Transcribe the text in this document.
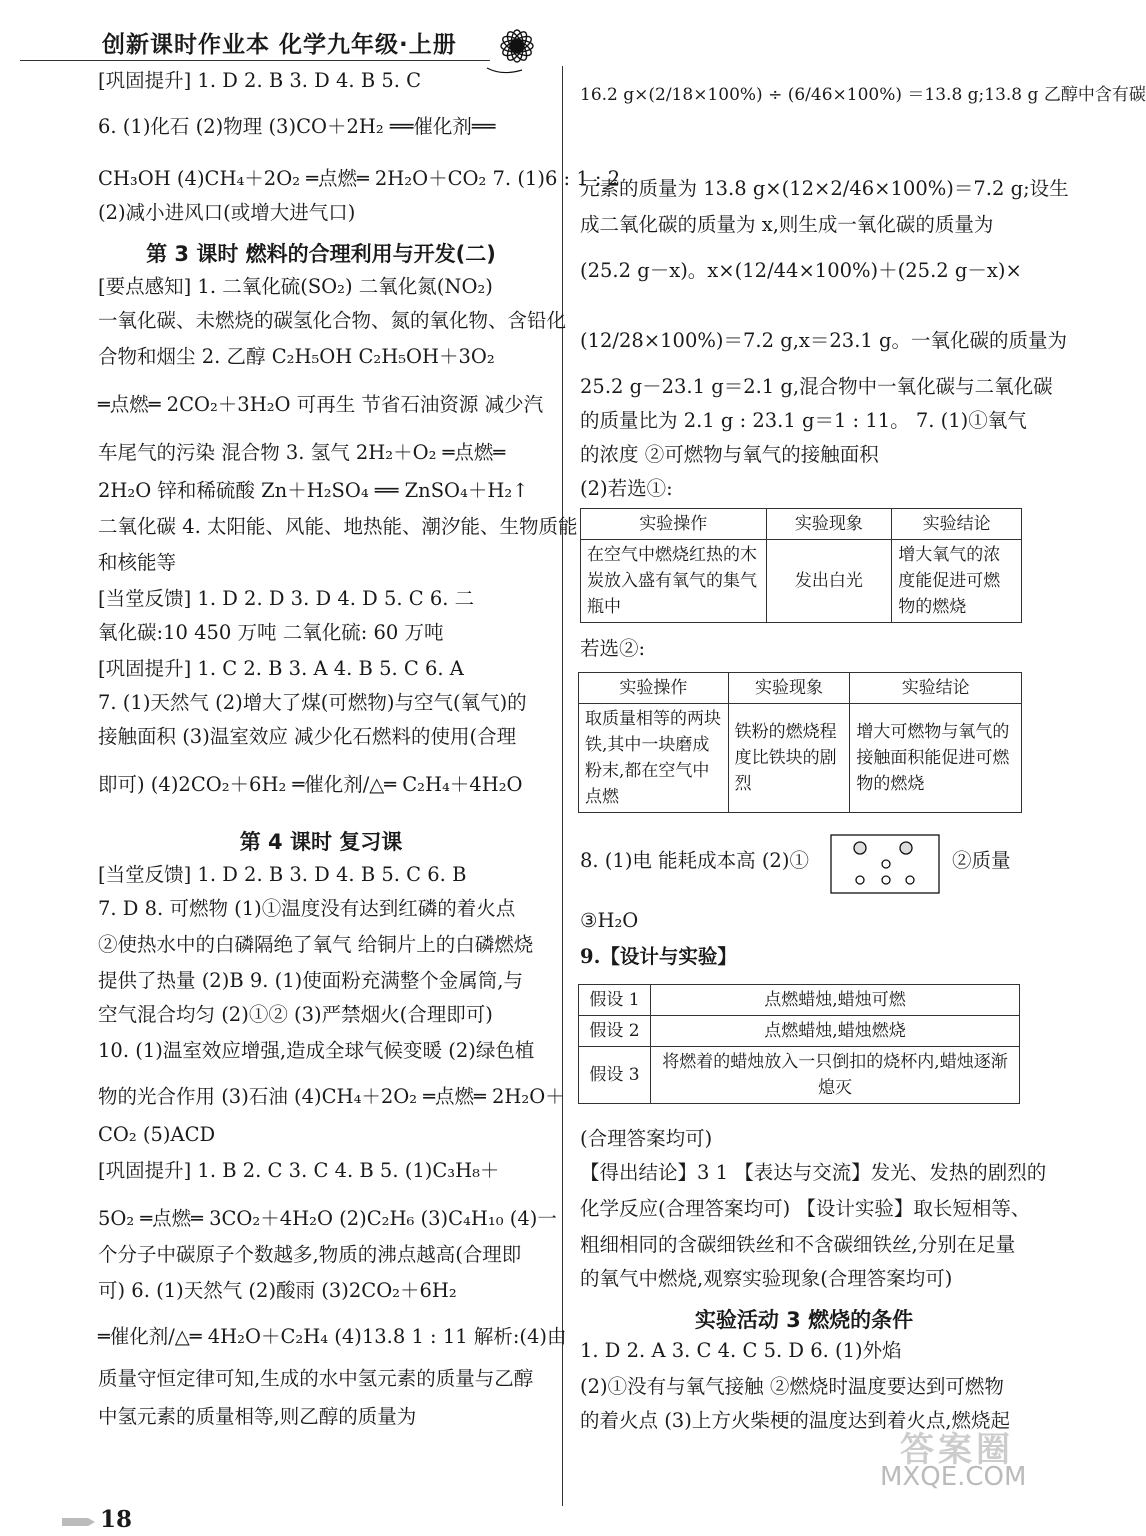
创新课时作业本 化学九年级·上册
[巩固提升] 1. D 2. B 3. D 4. B 5. C
6. (1)化石 (2)物理 (3)CO＋2H₂ ══催化剂══
CH₃OH (4)CH₄＋2O₂ ═点燃═ 2H₂O＋CO₂ 7. (1)6 : 1 : 2
(2)减小进风口(或增大进气口)
第 3 课时 燃料的合理利用与开发(二)
[要点感知] 1. 二氧化硫(SO₂) 二氧化氮(NO₂)
一氧化碳、未燃烧的碳氢化合物、氮的氧化物、含铅化
合物和烟尘 2. 乙醇 C₂H₅OH C₂H₅OH＋3O₂
═点燃═ 2CO₂＋3H₂O 可再生 节省石油资源 减少汽
车尾气的污染 混合物 3. 氢气 2H₂＋O₂ ═点燃═
2H₂O 锌和稀硫酸 Zn＋H₂SO₄ ══ ZnSO₄＋H₂↑
二氧化碳 4. 太阳能、风能、地热能、潮汐能、生物质能
和核能等
[当堂反馈] 1. D 2. D 3. D 4. D 5. C 6. 二
氧化碳:10 450 万吨 二氧化硫: 60 万吨
[巩固提升] 1. C 2. B 3. A 4. B 5. C 6. A
7. (1)天然气 (2)增大了煤(可燃物)与空气(氧气)的
接触面积 (3)温室效应 减少化石燃料的使用(合理
即可) (4)2CO₂＋6H₂ ═催化剂/△═ C₂H₄＋4H₂O
第 4 课时 复习课
[当堂反馈] 1. D 2. B 3. D 4. B 5. C 6. B
7. D 8. 可燃物 (1)①温度没有达到红磷的着火点
②使热水中的白磷隔绝了氧气 给铜片上的白磷燃烧
提供了热量 (2)B 9. (1)使面粉充满整个金属筒,与
空气混合均匀 (2)①② (3)严禁烟火(合理即可)
10. (1)温室效应增强,造成全球气候变暖 (2)绿色植
物的光合作用 (3)石油 (4)CH₄＋2O₂ ═点燃═ 2H₂O＋
CO₂ (5)ACD
[巩固提升] 1. B 2. C 3. C 4. B 5. (1)C₃H₈＋
5O₂ ═点燃═ 3CO₂＋4H₂O (2)C₂H₆ (3)C₄H₁₀ (4)一
个分子中碳原子个数越多,物质的沸点越高(合理即
可) 6. (1)天然气 (2)酸雨 (3)2CO₂＋6H₂
═催化剂/△═ 4H₂O＋C₂H₄ (4)13.8 1 : 11 解析:(4)由
质量守恒定律可知,生成的水中氢元素的质量与乙醇
中氢元素的质量相等,则乙醇的质量为
16.2 g×(2/18×100%) ÷ (6/46×100%) ＝13.8 g;13.8 g 乙醇中含有碳
元素的质量为 13.8 g×(12×2/46×100%)＝7.2 g;设生
成二氧化碳的质量为 x,则生成一氧化碳的质量为
(25.2 g－x)。x×(12/44×100%)＋(25.2 g－x)×
(12/28×100%)＝7.2 g,x＝23.1 g。一氧化碳的质量为
25.2 g－23.1 g＝2.1 g,混合物中一氧化碳与二氧化碳
的质量比为 2.1 g : 23.1 g＝1 : 11。 7. (1)①氧气
的浓度 ②可燃物与氧气的接触面积
(2)若选①:
实验操作	实验现象	实验结论
在空气中燃烧红热的木炭放入盛有氧气的集气瓶中	发出白光	增大氧气的浓度能促进可燃物的燃烧
若选②:
实验操作	实验现象	实验结论
取质量相等的两块铁,其中一块磨成粉末,都在空气中点燃	铁粉的燃烧程度比铁块的剧烈	增大可燃物与氧气的接触面积能促进可燃物的燃烧
8. (1)电 能耗成本高 (2)①	②质量
③H₂O
9.【设计与实验】
假设 1	点燃蜡烛,蜡烛可燃
假设 2	点燃蜡烛,蜡烛燃烧
假设 3	将燃着的蜡烛放入一只倒扣的烧杯内,蜡烛逐渐熄灭
(合理答案均可)
【得出结论】3 1 【表达与交流】发光、发热的剧烈的
化学反应(合理答案均可) 【设计实验】取长短相等、
粗细相同的含碳细铁丝和不含碳细铁丝,分别在足量
的氧气中燃烧,观察实验现象(合理答案均可)
实验活动 3 燃烧的条件
1. D 2. A 3. C 4. C 5. D 6. (1)外焰
(2)①没有与氧气接触 ②燃烧时温度要达到可燃物
的着火点 (3)上方火柴梗的温度达到着火点,燃烧起
18
答案圈
MXQE.COM
